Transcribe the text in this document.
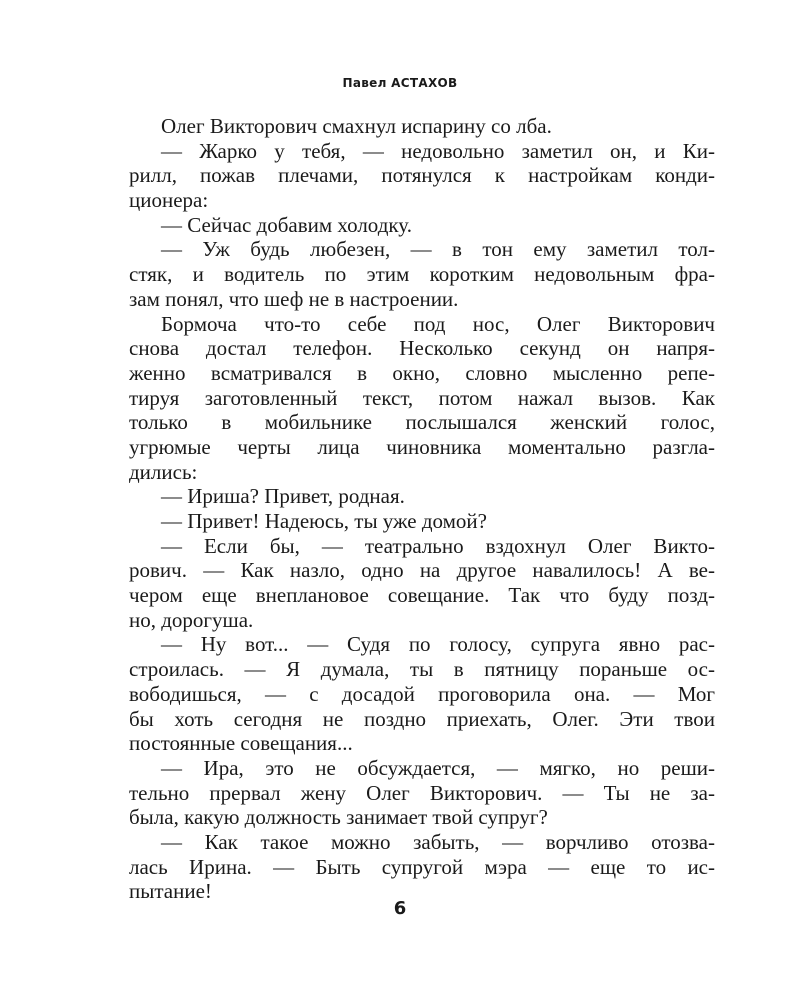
Павел АСТАХОВ
Олег Викторович смахнул испарину со лба.
— Жарко у тебя, — недовольно заметил он, и Ки-
рилл, пожав плечами, потянулся к настройкам конди-
ционера:
— Сейчас добавим холодку.
— Уж будь любезен, — в тон ему заметил тол-
стяк, и водитель по этим коротким недовольным фра-
зам понял, что шеф не в настроении.
Бормоча что-то себе под нос, Олег Викторович
снова достал телефон. Несколько секунд он напря-
женно всматривался в окно, словно мысленно репе-
тируя заготовленный текст, потом нажал вызов. Как
только в мобильнике послышался женский голос,
угрюмые черты лица чиновника моментально разгла-
дились:
— Ириша? Привет, родная.
— Привет! Надеюсь, ты уже домой?
— Если бы, — театрально вздохнул Олег Викто-
рович. — Как назло, одно на другое навалилось! А ве-
чером еще внеплановое совещание. Так что буду позд-
но, дорогуша.
— Ну вот... — Судя по голосу, супруга явно рас-
строилась. — Я думала, ты в пятницу пораньше ос-
вободишься, — с досадой проговорила она. — Мог
бы хоть сегодня не поздно приехать, Олег. Эти твои
постоянные совещания...
— Ира, это не обсуждается, — мягко, но реши-
тельно прервал жену Олег Викторович. — Ты не за-
была, какую должность занимает твой супруг?
— Как такое можно забыть, — ворчливо отозва-
лась Ирина. — Быть супругой мэра — еще то ис-
пытание!
6
